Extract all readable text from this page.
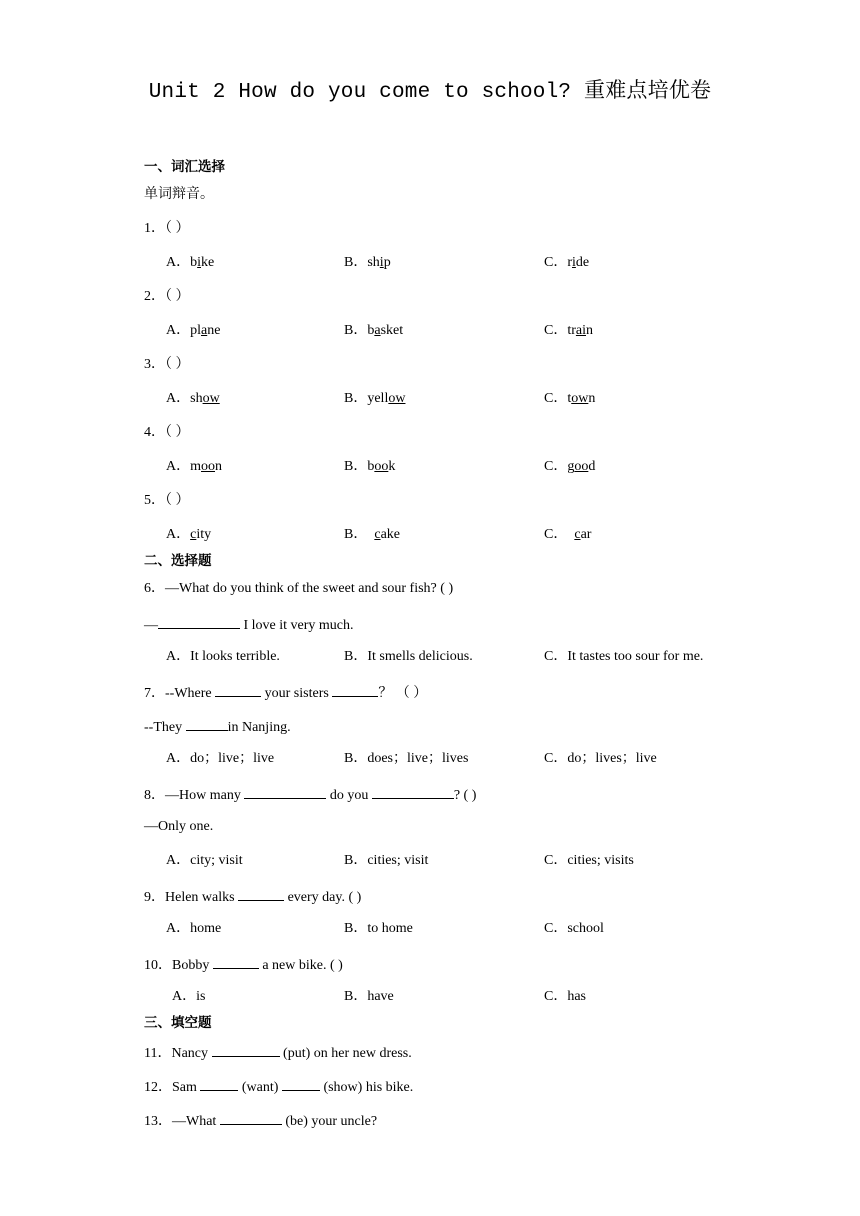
Unit 2 How do you come to school? 重难点培优卷
一、词汇选择
单词辩音。
1．（ ）
A．bike	B．ship	C．ride
2．（ ）
A．plane	B．basket	C．train
3．（ ）
A．show	B．yellow	C．town
4．（ ）
A．moon	B．book	C．good
5．（ ）
A．city	B． cake	C． car
二、选择题
6．—What do you think of the sweet and sour fish? ( )
—	I love it very much.
A．It looks terrible.	B．It smells delicious.	C．It tastes too sour for me.
7．--Where	your sisters	？ （ ）
--They	in Nanjing.
A．do；live；live	B．does；live；lives	C．do；lives；live
8．—How many	do you	? ( )
—Only one.
A．city; visit	B．cities; visit	C．cities; visits
9．Helen walks	every day. ( )
A．home	B．to home	C．school
10．Bobby	a new bike. ( )
A．is	B．have	C．has
三、填空题
11．Nancy	(put) on her new dress.
12．Sam	(want)	(show) his bike.
13．—What	(be) your uncle?
